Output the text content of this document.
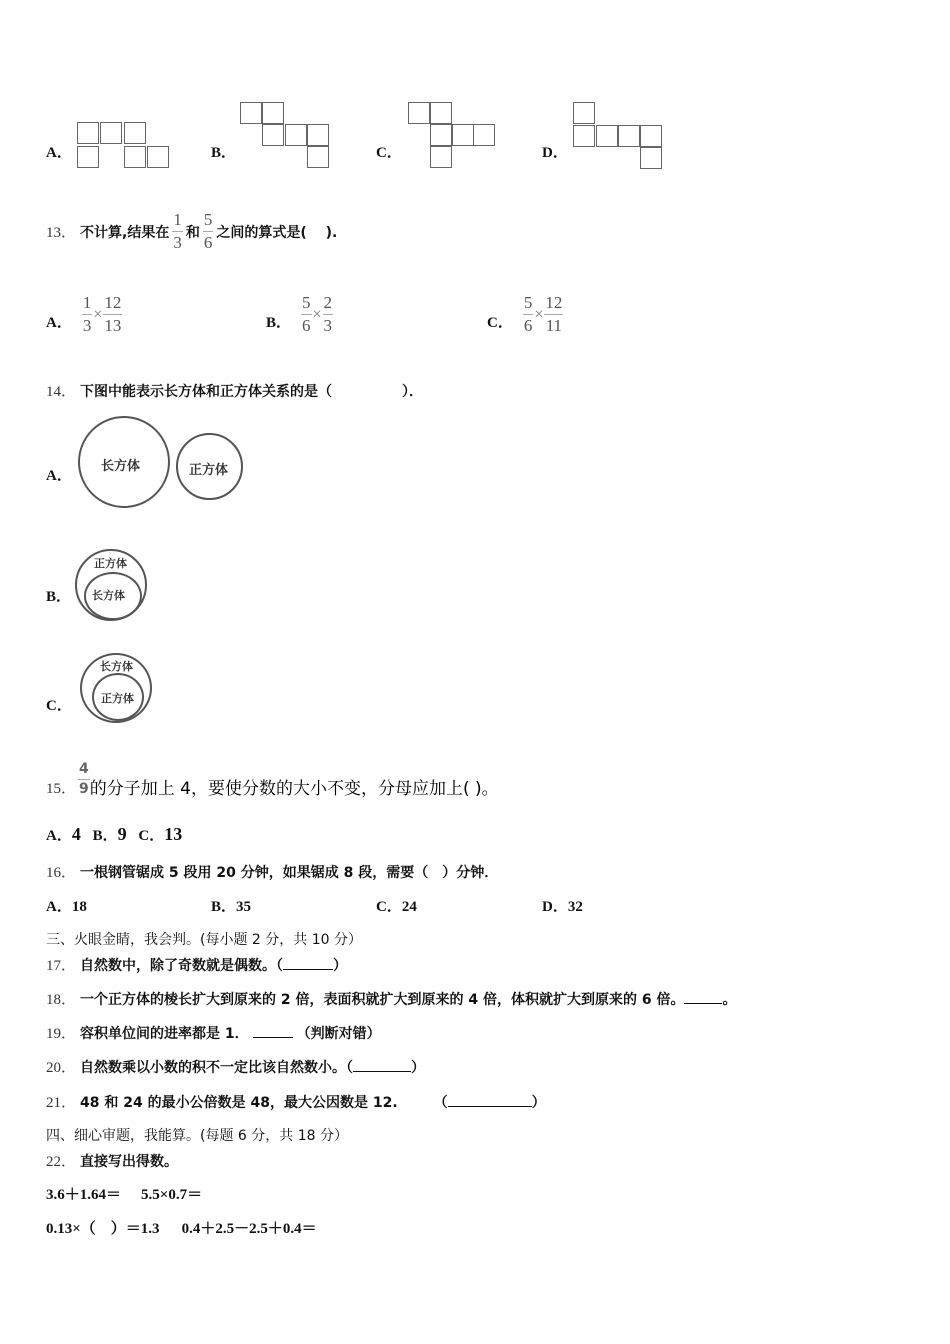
A．	B．	C．	D．
13． 不计算,结果在 $\frac{1}{3}$ 和 $\frac{5}{6}$ 之间的算式是(　 ).
A． $\frac{1}{3} \times \frac{12}{13}$	B． $\frac{5}{6} \times \frac{2}{3}$	C． $\frac{5}{6} \times \frac{12}{11}$
14． 下图中能表示长方体和正方体关系的是（　　　　　）．
A．
长方体	正方体
B．
正方体
长方体
C．
长方体
正方体
15． $\frac{4}{9}$ 的分子加上 4，要使分数的大小不变，分母应加上( )。
A．4 B．9 C．13
16． 一根钢管锯成 5 段用 20 分钟，如果锯成 8 段，需要（　）分钟．
A．18	B．35	C．24	D．32
三、火眼金睛，我会判。(每小题 2 分，共 10 分）
17． 自然数中，除了奇数就是偶数。（	）
18． 一个正方体的棱长扩大到原来的 2 倍，表面积就扩大到原来的 4 倍，体积就扩大到原来的 6 倍。	。
19． 容积单位间的进率都是 1．	（判断对错）
20． 自然数乘以小数的积不一定比该自然数小。（	）
21． 48 和 24 的最小公倍数是 48，最大公因数是 12.	（	）
四、细心审题，我能算。(每题 6 分，共 18 分）
22． 直接写出得数。
3.6＋1.64＝ 5.5×0.7＝
0.13×（　）＝1.3 0.4＋2.5－2.5＋0.4＝
